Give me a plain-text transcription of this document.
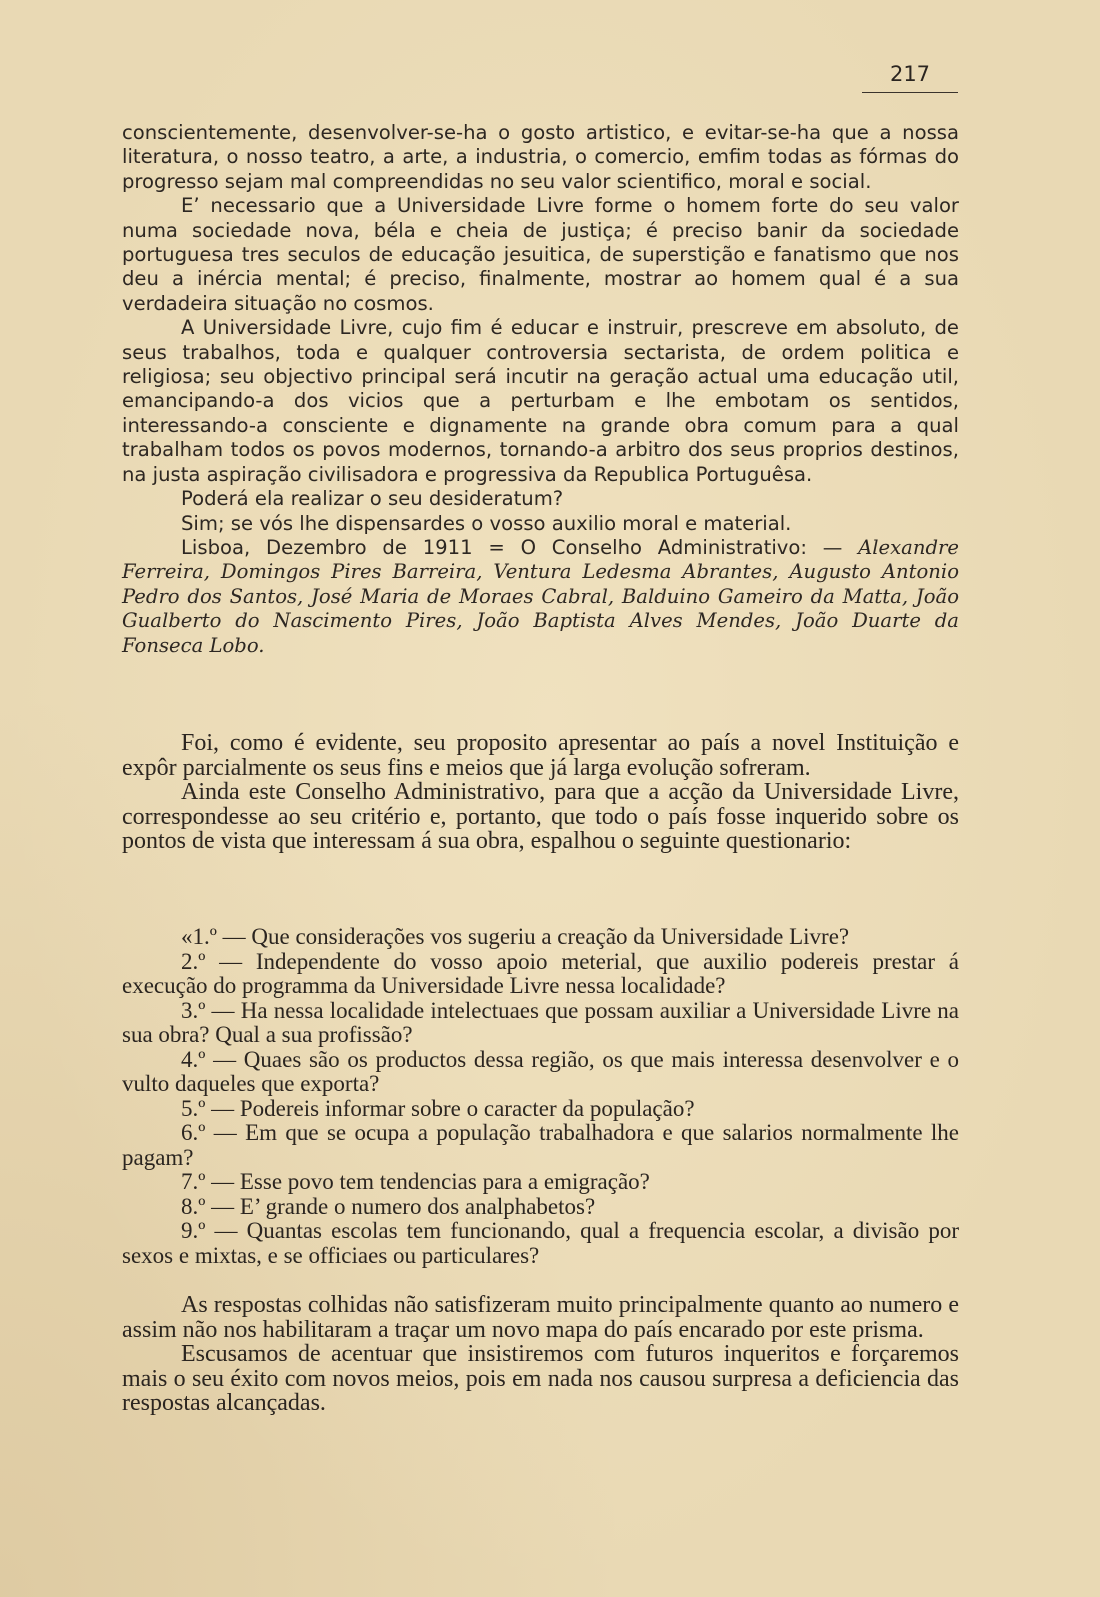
217

conscientemente, desenvolver-se-ha o gosto artistico, e evitar-se-ha que a nossa literatura, o nosso teatro, a arte, a industria, o comercio, emfim todas as fórmas do progresso sejam mal compreendidas no seu valor scientifico, moral e social.

E’ necessario que a Universidade Livre forme o homem forte do seu valor numa sociedade nova, béla e cheia de justiça; é preciso banir da sociedade portuguesa tres seculos de educação jesuitica, de superstição e fanatismo que nos deu a inércia mental; é preciso, finalmente, mostrar ao homem qual é a sua verdadeira situação no cosmos.

A Universidade Livre, cujo fim é educar e instruir, prescreve em absoluto, de seus trabalhos, toda e qualquer controversia sectarista, de ordem politica e religiosa; seu objectivo principal será incutir na geração actual uma educação util, emancipando-a dos vicios que a perturbam e lhe embotam os sentidos, interessando-a consciente e dignamente na grande obra comum para a qual trabalham todos os povos modernos, tornando-a arbitro dos seus proprios destinos, na justa aspiração civilisadora e progressiva da Republica Portuguêsa.

Poderá ela realizar o seu desideratum?

Sim; se vós lhe dispensardes o vosso auxilio moral e material.

Lisboa, Dezembro de 1911 = O Conselho Administrativo: — Alexandre Ferreira, Domingos Pires Barreira, Ventura Ledesma Abrantes, Augusto Antonio Pedro dos Santos, José Maria de Moraes Cabral, Balduino Gameiro da Matta, João Gualberto do Nascimento Pires, João Baptista Alves Mendes, João Duarte da Fonseca Lobo.

Foi, como é evidente, seu proposito apresentar ao país a novel Instituição e expôr parcialmente os seus fins e meios que já larga evolução sofreram.

Ainda este Conselho Administrativo, para que a acção da Universidade Livre, correspondesse ao seu critério e, portanto, que todo o país fosse inquerido sobre os pontos de vista que interessam á sua obra, espalhou o seguinte questionario:

«1.º — Que considerações vos sugeriu a creação da Universidade Livre?

2.º — Independente do vosso apoio meterial, que auxilio podereis prestar á execução do programma da Universidade Livre nessa localidade?

3.º — Ha nessa localidade intelectuaes que possam auxiliar a Universidade Livre na sua obra? Qual a sua profissão?

4.º — Quaes são os productos dessa região, os que mais interessa desenvolver e o vulto daqueles que exporta?

5.º — Podereis informar sobre o caracter da população?

6.º — Em que se ocupa a população trabalhadora e que salarios normalmente lhe pagam?

7.º — Esse povo tem tendencias para a emigração?

8.º — E’ grande o numero dos analphabetos?

9.º — Quantas escolas tem funcionando, qual a frequencia escolar, a divisão por sexos e mixtas, e se officiaes ou particulares?

As respostas colhidas não satisfizeram muito principalmente quanto ao numero e assim não nos habilitaram a traçar um novo mapa do país encarado por este prisma.

Escusamos de acentuar que insistiremos com futuros inqueritos e forçaremos mais o seu éxito com novos meios, pois em nada nos causou surpresa a deficiencia das respostas alcançadas.
